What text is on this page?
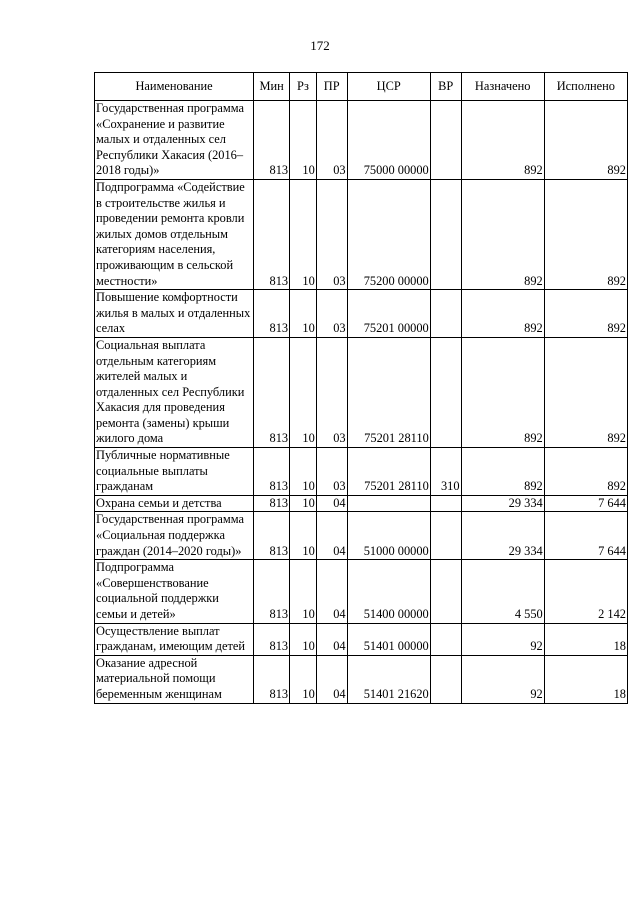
172
Наименование	Мин	Рз	ПР	ЦСР	ВР	Назначено	Исполнено
Государственная программа «Сохранение и развитие малых и отдаленных сел Республики Хакасия (2016–2018 годы)»	813	10	03	75000 00000		892	892
Подпрограмма «Содействие в строительстве жилья и проведении ремонта кровли жилых домов отдельным категориям населения, проживающим в сельской местности»	813	10	03	75200 00000		892	892
Повышение комфортности жилья в малых и отдаленных селах	813	10	03	75201 00000		892	892
Социальная выплата отдельным категориям жителей малых и отдаленных сел Республики Хакасия для проведения ремонта (замены) крыши жилого дома	813	10	03	75201 28110		892	892
Публичные нормативные социальные выплаты гражданам	813	10	03	75201 28110	310	892	892
Охрана семьи и детства	813	10	04			29 334	7 644
Государственная программа «Социальная поддержка граждан (2014–2020 годы)»	813	10	04	51000 00000		29 334	7 644
Подпрограмма «Совершенствование социальной поддержки семьи и детей»	813	10	04	51400 00000		4 550	2 142
Осуществление выплат гражданам, имеющим детей	813	10	04	51401 00000		92	18
Оказание адресной материальной помощи беременным женщинам	813	10	04	51401 21620		92	18
